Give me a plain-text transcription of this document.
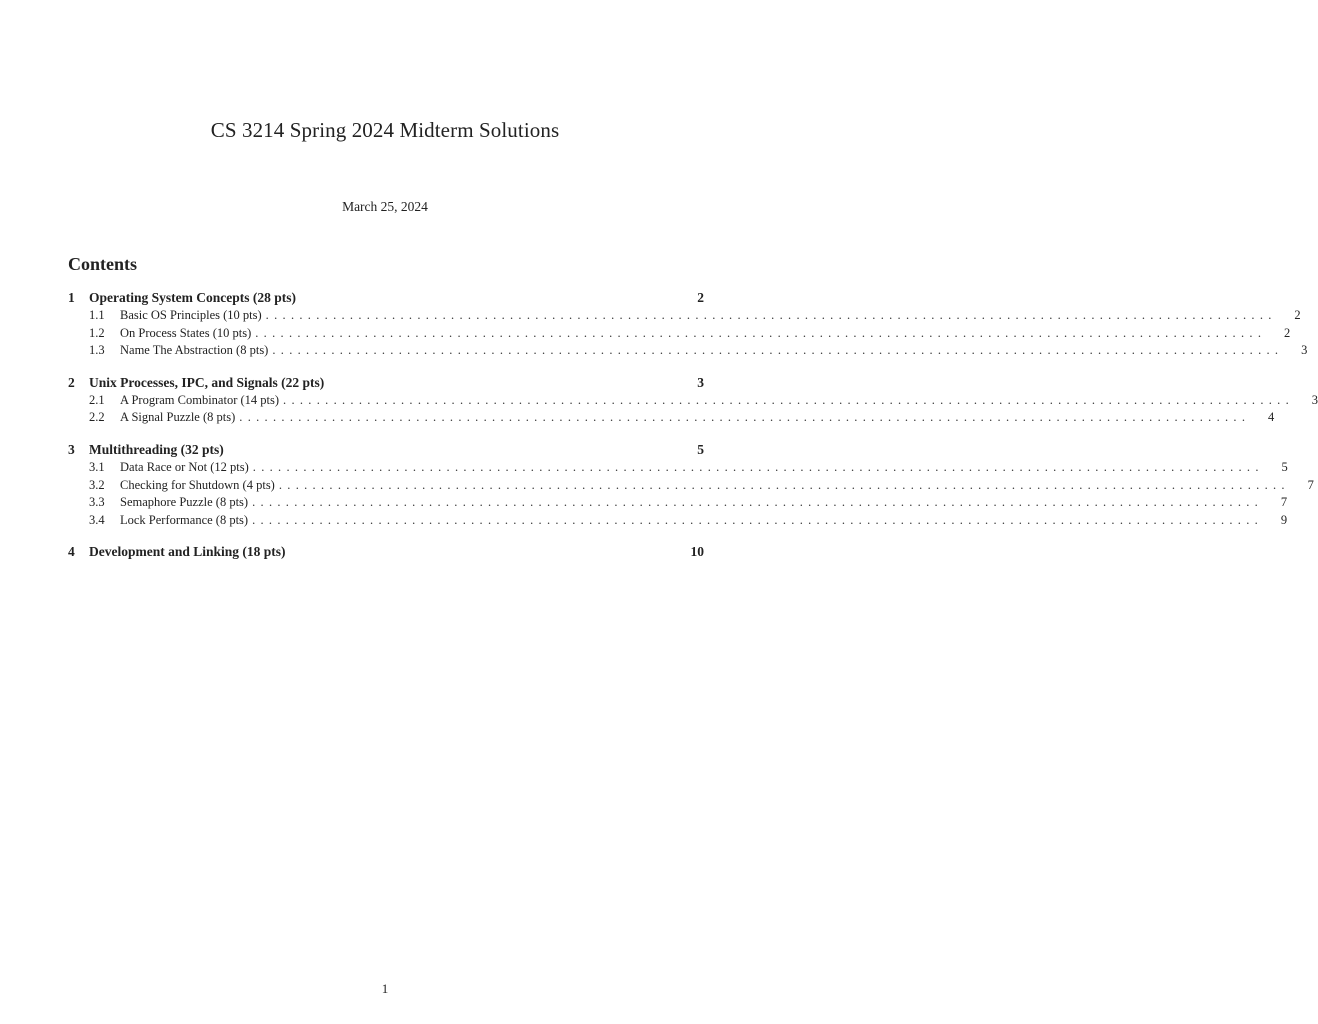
CS 3214 Spring 2024 Midterm Solutions
March 25, 2024
Contents
1	Operating System Concepts (28 pts)	2
1.1	Basic OS Principles (10 pts) ........................................................................................................................	2
1.2	On Process States (10 pts) ........................................................................................................................	2
1.3	Name The Abstraction (8 pts) ........................................................................................................................	3
2	Unix Processes, IPC, and Signals (22 pts)	3
2.1	A Program Combinator (14 pts) ........................................................................................................................	3
2.2	A Signal Puzzle (8 pts) ........................................................................................................................	4
3	Multithreading (32 pts)	5
3.1	Data Race or Not (12 pts) ........................................................................................................................	5
3.2	Checking for Shutdown (4 pts) ........................................................................................................................	7
3.3	Semaphore Puzzle (8 pts) ........................................................................................................................	7
3.4	Lock Performance (8 pts) ........................................................................................................................	9
4	Development and Linking (18 pts)	10
1
